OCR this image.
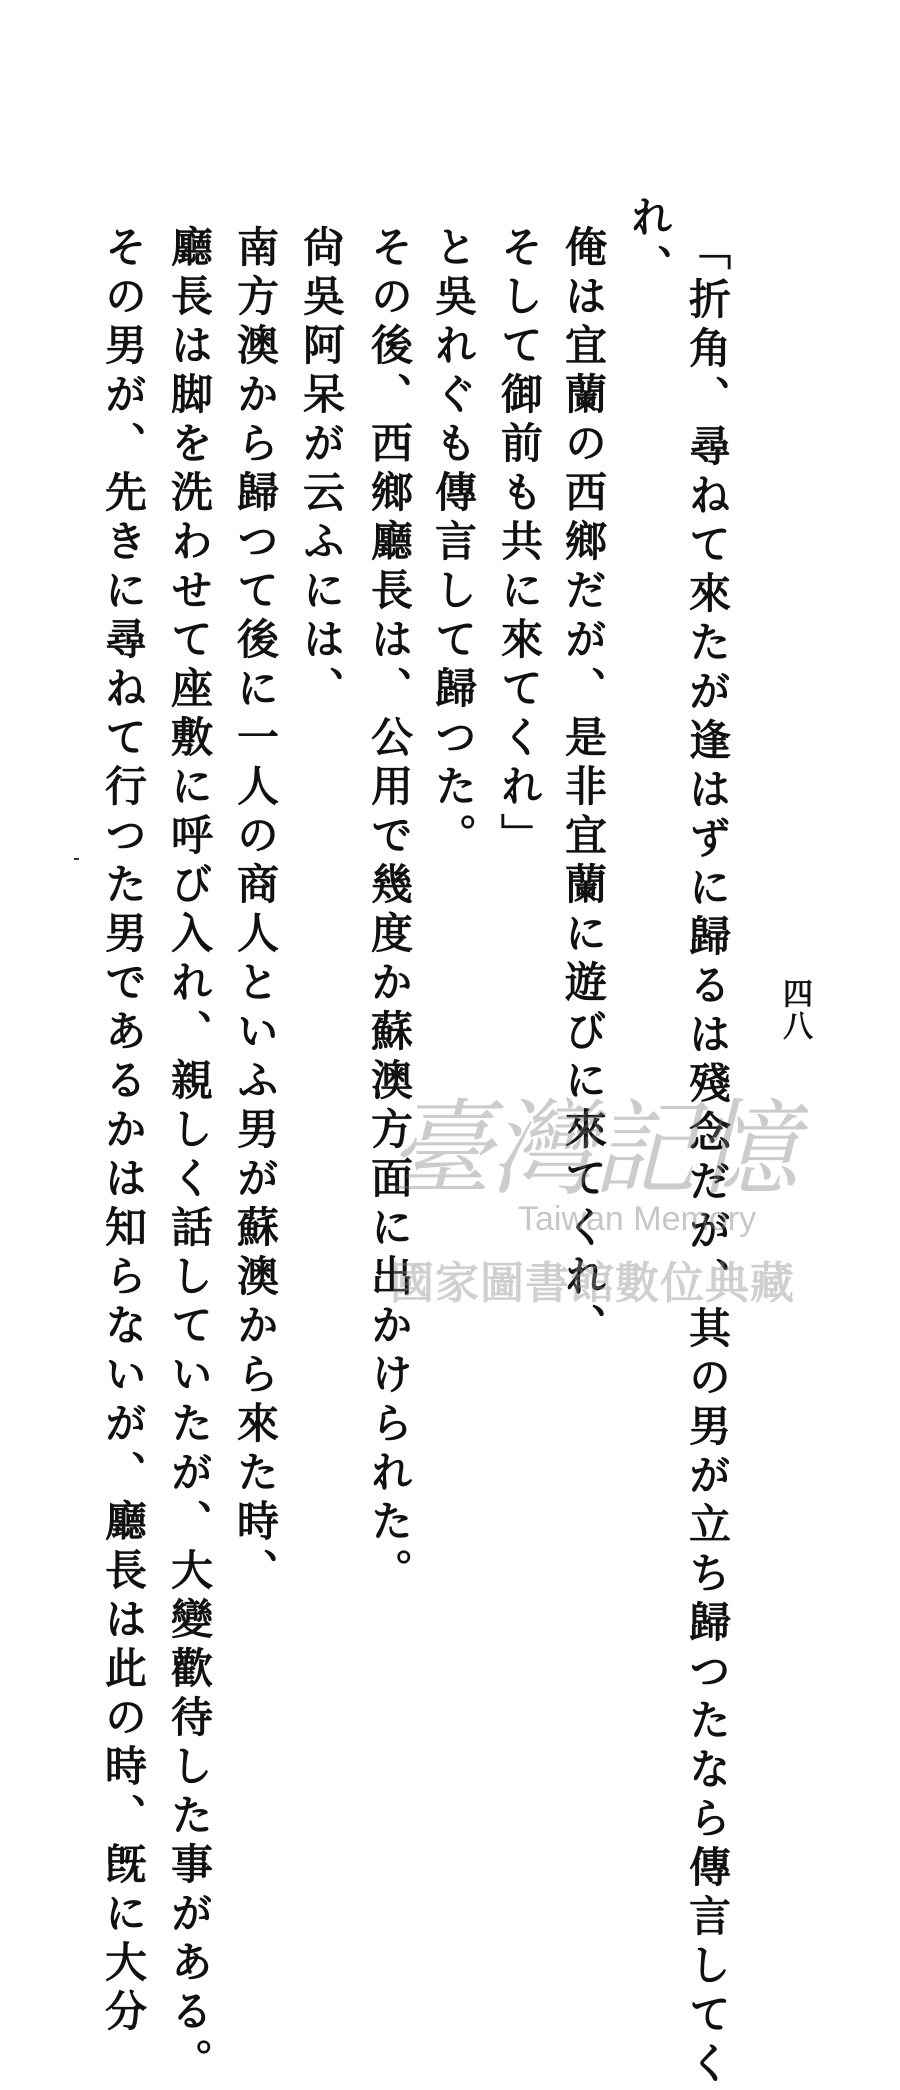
四八
「折角、尋ねて來たが逢はずに歸るは殘念だが、其の男が立ち歸つたなら傳言してく
れ、
俺は宜蘭の西鄉だが、是非宜蘭に遊びに來てくれ、
そして御前も共に來てくれ」
と吳れぐも傳言して歸つた。
その後、西鄉廳長は、公用で幾度か蘇澳方面に出かけられた。
尙吳阿呆が云ふには、
南方澳から歸つて後に一人の商人といふ男が蘇澳から來た時、
廳長は脚を洗わせて座敷に呼び入れ、親しく話していたが、大變歡待した事がある。
その男が、先きに尋ねて行つた男であるかは知らないが、廳長は此の時、旣に大分 臺灣記憶
Taiwan Memory
國家圖書館數位典藏
